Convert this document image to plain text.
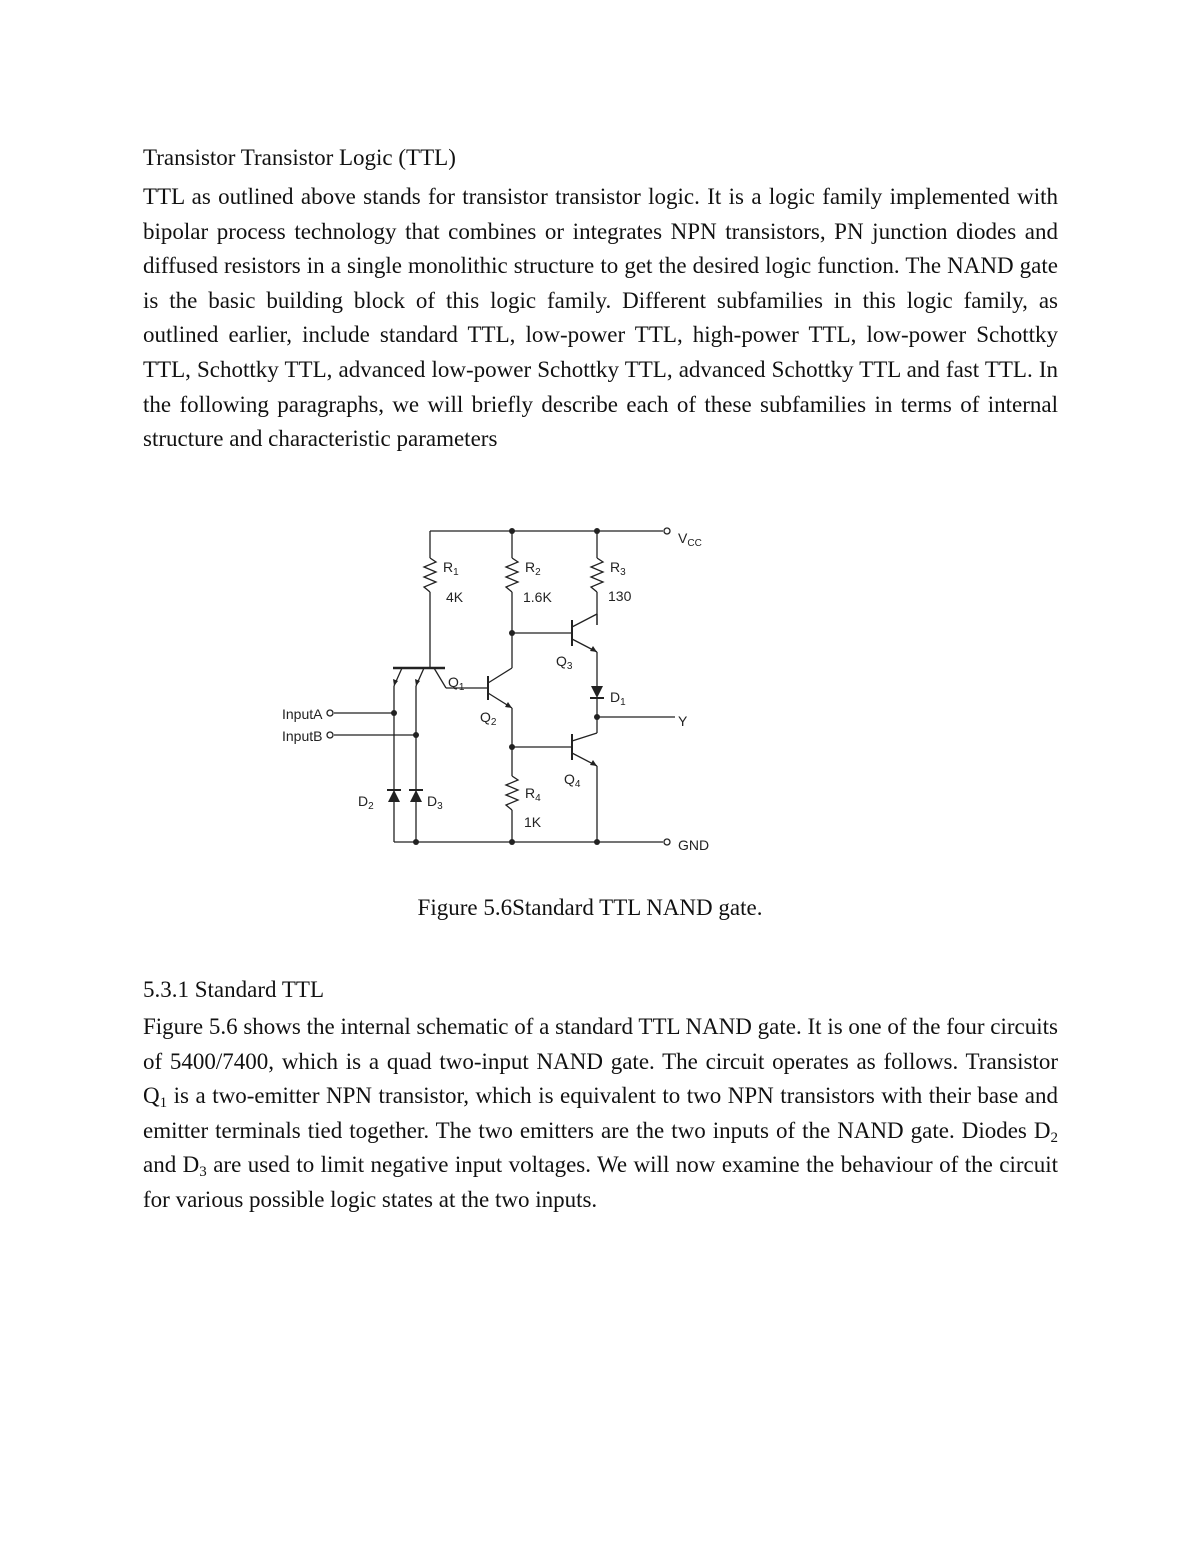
Transistor Transistor Logic (TTL)

TTL as outlined above stands for transistor transistor logic. It is a logic family implemented with bipolar process technology that combines or integrates NPN transistors, PN junction diodes and diffused resistors in a single monolithic structure to get the desired logic function. The NAND gate is the basic building block of this logic family. Different subfamilies in this logic family, as outlined earlier, include standard TTL, low-power TTL, high-power TTL, low-power Schottky TTL, Schottky TTL, advanced low-power Schottky TTL, advanced Schottky TTL and fast TTL. In the following paragraphs, we will briefly describe each of these subfamilies in terms of internal structure and characteristic parameters

$V_{CC}$
$R_1$
4K
$R_2$
1.6K
$R_3$
130
$Q_1$
InputA
InputB
$D_2$	$D_3$
$Q_2$
$Q_3$
$D_1$
Y
$Q_4$
$R_4$
1K
GND
Figure 5.6Standard TTL NAND gate.
5.3.1 Standard TTL

Figure 5.6 shows the internal schematic of a standard TTL NAND gate. It is one of the four circuits of 5400/7400, which is a quad two-input NAND gate. The circuit operates as follows. Transistor $Q_1$ is a two-emitter NPN transistor, which is equivalent to two NPN transistors with their base and emitter terminals tied together. The two emitters are the two inputs of the NAND gate. Diodes $D_2$ and $D_3$ are used to limit negative input voltages. We will now examine the behaviour of the circuit for various possible logic states at the two inputs.
